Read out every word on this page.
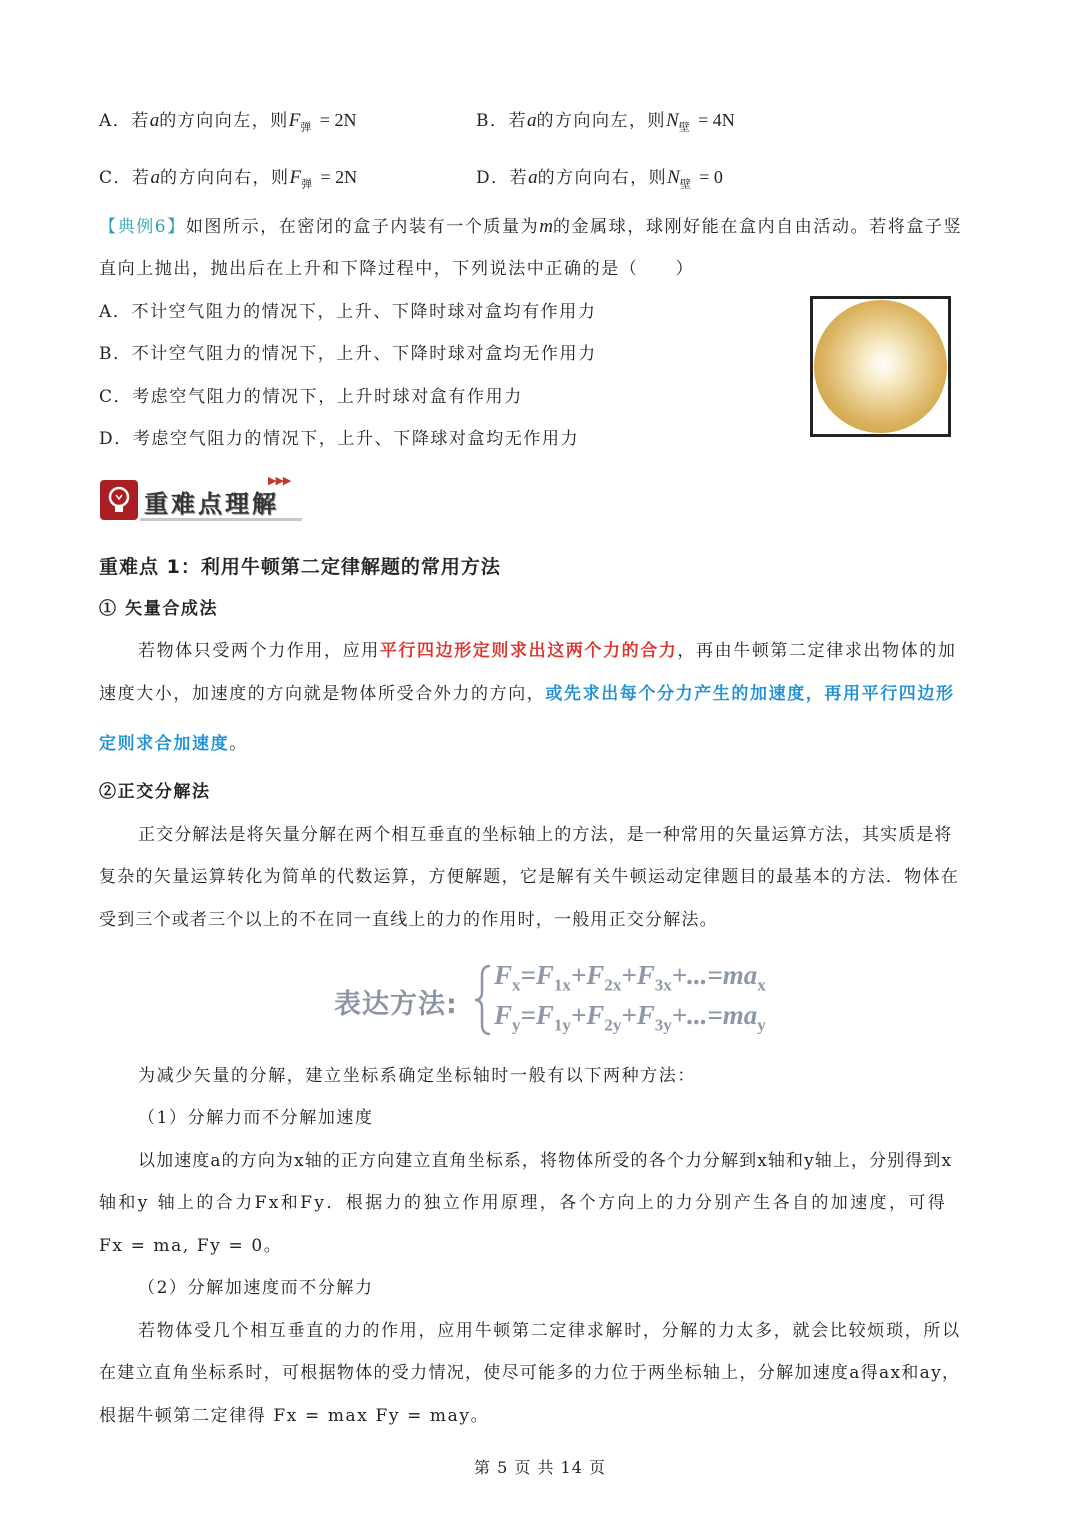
A．若a的方向向左，则$F_弹 = 2N$	B．若a的方向向左，则$N_壁 = 4N$
C．若a的方向向右，则$F_弹 = 2N$	D．若a的方向向右，则$N_壁 = 0$
【典例6】如图所示，在密闭的盒子内装有一个质量为m的金属球，球刚好能在盒内自由活动。若将盒子竖
直向上抛出，抛出后在上升和下降过程中，下列说法中正确的是（　　）
A．不计空气阻力的情况下，上升、下降时球对盒均有作用力
B．不计空气阻力的情况下，上升、下降时球对盒均无作用力
C．考虑空气阻力的情况下，上升时球对盒有作用力
D．考虑空气阻力的情况下，上升、下降球对盒均无作用力
▶▶▶
重难点理解
重难点 1：利用牛顿第二定律解题的常用方法
① 矢量合成法
若物体只受两个力作用，应用平行四边形定则求出这两个力的合力，再由牛顿第二定律求出物体的加
速度大小，加速度的方向就是物体所受合外力的方向，或先求出每个分力产生的加速度，再用平行四边形
定则求合加速度。
②正交分解法
正交分解法是将矢量分解在两个相互垂直的坐标轴上的方法，是一种常用的矢量运算方法，其实质是将
复杂的矢量运算转化为简单的代数运算，方便解题，它是解有关牛顿运动定律题目的最基本的方法．物体在
受到三个或者三个以上的不在同一直线上的力的作用时，一般用正交分解法。
表达方法:
$F_x=F_{1x}+F_{2x}+F_{3x}+...=ma_x$
$F_y=F_{1y}+F_{2y}+F_{3y}+...=ma_y$
为减少矢量的分解，建立坐标系确定坐标轴时一般有以下两种方法：
（1）分解力而不分解加速度
以加速度a的方向为x轴的正方向建立直角坐标系，将物体所受的各个力分解到x轴和y轴上，分别得到x
轴和y 轴上的合力Fx和Fy．根据力的独立作用原理，各个方向上的力分别产生各自的加速度，可得
Fx = ma, Fy = 0。
（2）分解加速度而不分解力
若物体受几个相互垂直的力的作用，应用牛顿第二定律求解时，分解的力太多，就会比较烦琐，所以
在建立直角坐标系时，可根据物体的受力情况，使尽可能多的力位于两坐标轴上，分解加速度a得ax和ay，
根据牛顿第二定律得 Fx = max Fy = may。
第 5 页 共 14 页
